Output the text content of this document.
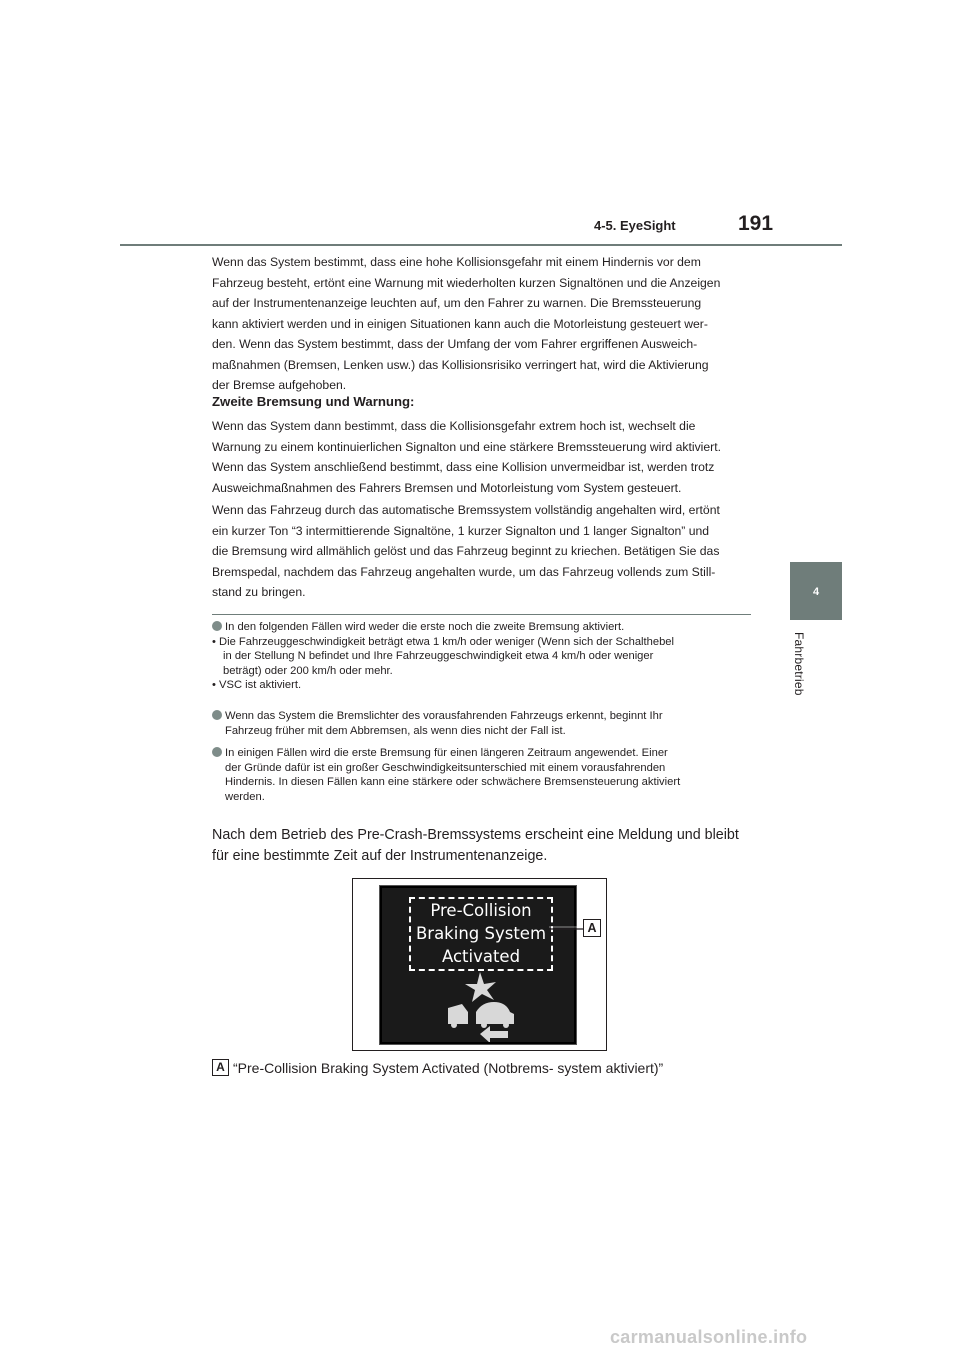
4-5. EyeSight	191
4
Fahrbetrieb
Wenn das System bestimmt, dass eine hohe Kollisionsgefahr mit einem Hindernis vor dem
Fahrzeug besteht, ertönt eine Warnung mit wiederholten kurzen Signaltönen und die Anzeigen
auf der Instrumentenanzeige leuchten auf, um den Fahrer zu warnen. Die Bremssteuerung
kann aktiviert werden und in einigen Situationen kann auch die Motorleistung gesteuert wer-
den. Wenn das System bestimmt, dass der Umfang der vom Fahrer ergriffenen Ausweich-
maßnahmen (Bremsen, Lenken usw.) das Kollisionsrisiko verringert hat, wird die Aktivierung
der Bremse aufgehoben.
Zweite Bremsung und Warnung:
Wenn das System dann bestimmt, dass die Kollisionsgefahr extrem hoch ist, wechselt die
Warnung zu einem kontinuierlichen Signalton und eine stärkere Bremssteuerung wird aktiviert.
Wenn das System anschließend bestimmt, dass eine Kollision unvermeidbar ist, werden trotz
Ausweichmaßnahmen des Fahrers Bremsen und Motorleistung vom System gesteuert.
Wenn das Fahrzeug durch das automatische Bremssystem vollständig angehalten wird, ertönt
ein kurzer Ton “3 intermittierende Signaltöne, 1 kurzer Signalton und 1 langer Signalton” und
die Bremsung wird allmählich gelöst und das Fahrzeug beginnt zu kriechen. Betätigen Sie das
Bremspedal, nachdem das Fahrzeug angehalten wurde, um das Fahrzeug vollends zum Still-
stand zu bringen.
In den folgenden Fällen wird weder die erste noch die zweite Bremsung aktiviert.
• Die Fahrzeuggeschwindigkeit beträgt etwa 1 km/h oder weniger (Wenn sich der Schalthebel
in der Stellung N befindet und Ihre Fahrzeuggeschwindigkeit etwa 4 km/h oder weniger
beträgt) oder 200 km/h oder mehr.
• VSC ist aktiviert.
Wenn das System die Bremslichter des vorausfahrenden Fahrzeugs erkennt, beginnt Ihr
Fahrzeug früher mit dem Abbremsen, als wenn dies nicht der Fall ist.
In einigen Fällen wird die erste Bremsung für einen längeren Zeitraum angewendet. Einer
der Gründe dafür ist ein großer Geschwindigkeitsunterschied mit einem vorausfahrenden
Hindernis. In diesen Fällen kann eine stärkere oder schwächere Bremsensteuerung aktiviert
werden.
Nach dem Betrieb des Pre-Crash-Bremssystems erscheint eine Meldung und bleibt
für eine bestimmte Zeit auf der Instrumentenanzeige.
Pre-Collision
Braking System
Activated
A
A “Pre-Collision Braking System Activated (Notbrems- system aktiviert)”
carmanualsonline.info
